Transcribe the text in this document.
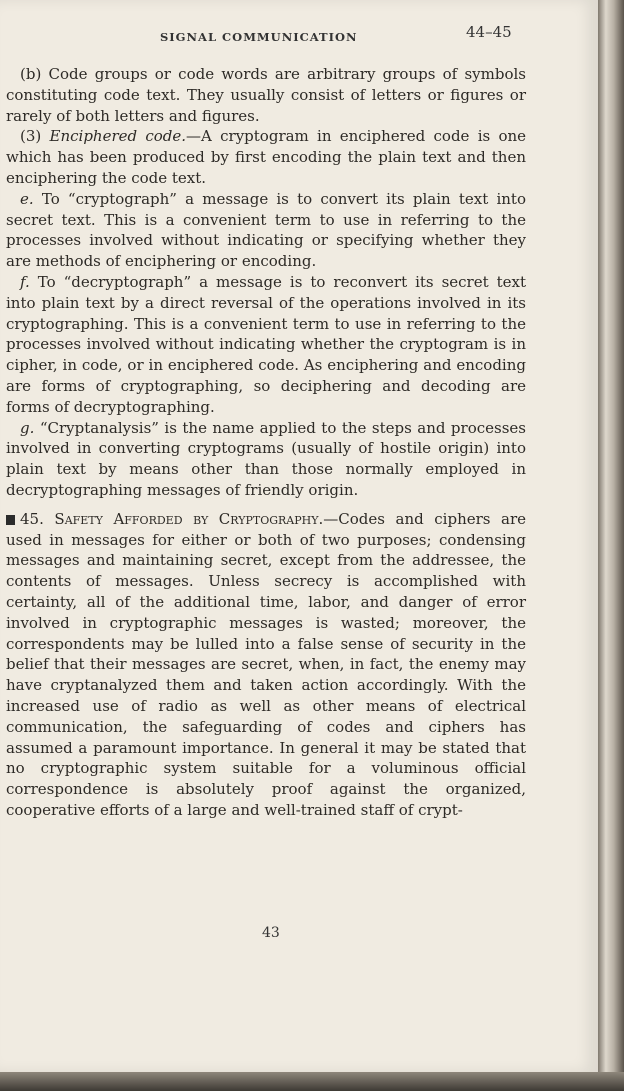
SIGNAL COMMUNICATION	44–45

(b) Code groups or code words are arbitrary groups of symbols constituting code text. They usually consist of letters or figures or rarely of both letters and figures.

(3) Enciphered code.—A cryptogram in enciphered code is one which has been produced by first encoding the plain text and then enciphering the code text.

e. To “cryptograph” a message is to convert its plain text into secret text. This is a convenient term to use in referring to the processes involved without indicating or specifying whether they are methods of enciphering or encoding.

f. To “decryptograph” a message is to reconvert its secret text into plain text by a direct reversal of the operations involved in its cryptographing. This is a convenient term to use in referring to the processes involved without indicating whether the cryptogram is in cipher, in code, or in enciphered code. As enciphering and encoding are forms of cryptographing, so deciphering and decoding are forms of decryptographing.

g. “Cryptanalysis” is the name applied to the steps and processes involved in converting cryptograms (usually of hostile origin) into plain text by means other than those normally employed in decryptographing messages of friendly origin.

45. Safety Afforded by Cryptography.—Codes and ciphers are used in messages for either or both of two purposes; condensing messages and maintaining secret, except from the addressee, the contents of messages. Unless secrecy is accomplished with certainty, all of the additional time, labor, and danger of error involved in cryptographic messages is wasted; moreover, the correspondents may be lulled into a false sense of security in the belief that their messages are secret, when, in fact, the enemy may have cryptanalyzed them and taken action accordingly. With the increased use of radio as well as other means of electrical communication, the safeguarding of codes and ciphers has assumed a paramount importance. In general it may be stated that no cryptographic system suitable for a voluminous official correspondence is absolutely proof against the organized, cooperative efforts of a large and well-trained staff of crypt-

43
